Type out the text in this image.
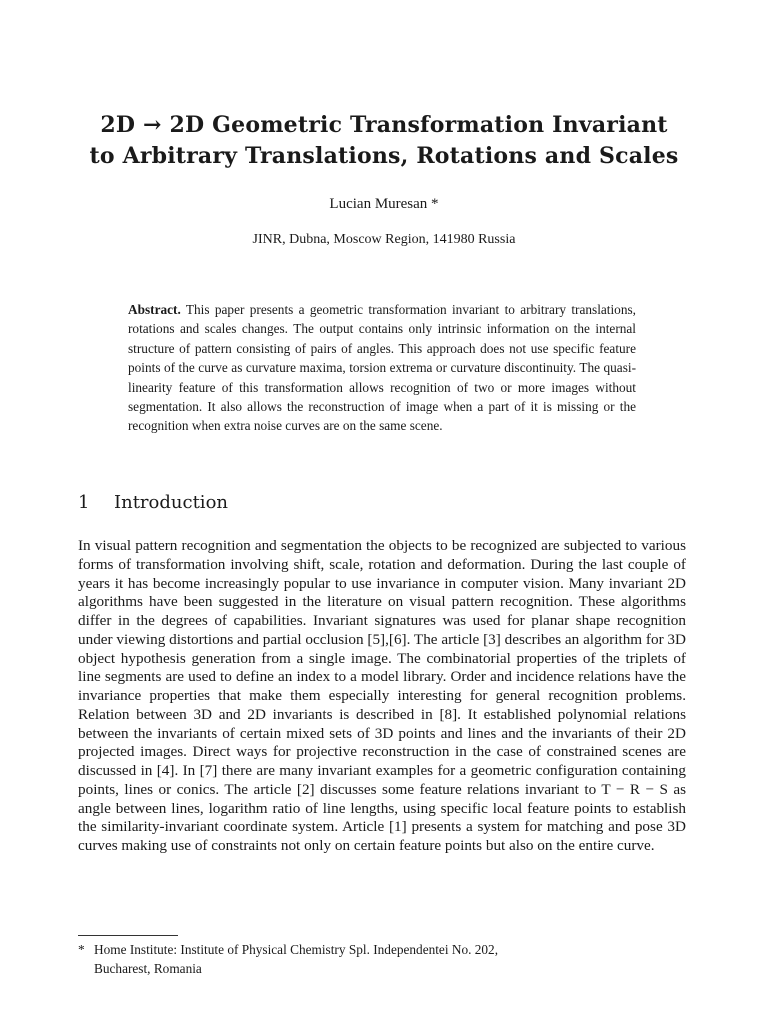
2D → 2D Geometric Transformation Invariant
to Arbitrary Translations, Rotations and Scales
Lucian Muresan *
JINR, Dubna, Moscow Region, 141980 Russia
Abstract. This paper presents a geometric transformation invariant to arbitrary translations, rotations and scales changes. The output contains only intrinsic information on the internal structure of pattern consisting of pairs of angles. This approach does not use specific feature points of the curve as curvature maxima, torsion extrema or curvature discontinuity. The quasi-linearity feature of this transformation allows recognition of two or more images without segmentation. It also allows the reconstruction of image when a part of it is missing or the recognition when extra noise curves are on the same scene.
1 Introduction

In visual pattern recognition and segmentation the objects to be recognized are subjected to various forms of transformation involving shift, scale, rotation and deformation. During the last couple of years it has become increasingly popular to use invariance in computer vision. Many invariant 2D algorithms have been suggested in the literature on visual pattern recognition. These algorithms differ in the degrees of capabilities. Invariant signatures was used for planar shape recognition under viewing distortions and partial occlusion [5],[6]. The article [3] describes an algorithm for 3D object hypothesis generation from a single image. The combinatorial properties of the triplets of line segments are used to define an index to a model library. Order and incidence relations have the invariance properties that make them especially interesting for general recognition problems. Relation between 3D and 2D invariants is described in [8]. It established polynomial relations between the invariants of certain mixed sets of 3D points and lines and the invariants of their 2D projected images. Direct ways for projective reconstruction in the case of constrained scenes are discussed in [4]. In [7] there are many invariant examples for a geometric configuration containing points, lines or conics. The article [2] discusses some feature relations invariant to T − R − S as angle between lines, logarithm ratio of line lengths, using specific local feature points to establish the similarity-invariant coordinate system. Article [1] presents a system for matching and pose 3D curves making use of constraints not only on certain feature points but also on the entire curve.

* Home Institute: Institute of Physical Chemistry Spl. Independentei No. 202,
Bucharest, Romania
